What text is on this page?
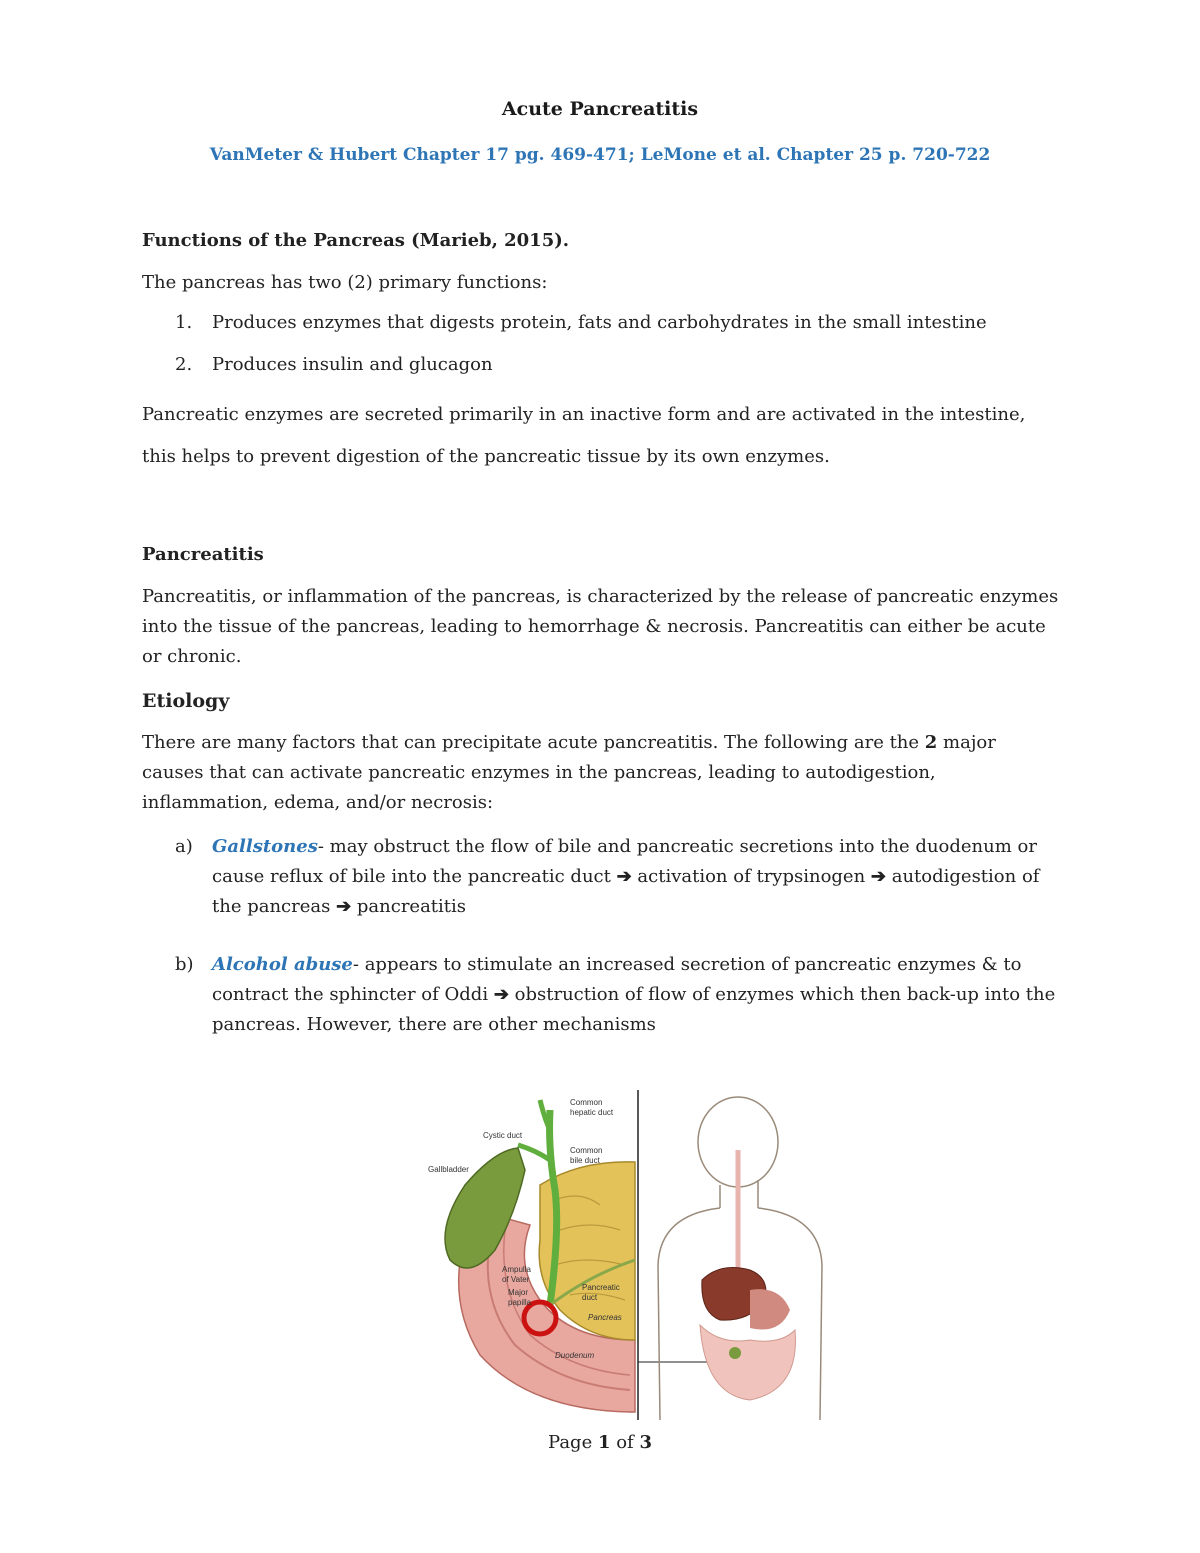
Acute Pancreatitis
VanMeter & Hubert Chapter 17 pg. 469-471; LeMone et al. Chapter 25 p. 720-722

Functions of the Pancreas (Marieb, 2015).

The pancreas has two (2) primary functions:

1. Produces enzymes that digests protein, fats and carbohydrates in the small intestine
2. Produces insulin and glucagon

Pancreatic enzymes are secreted primarily in an inactive form and are activated in the intestine, this helps to prevent digestion of the pancreatic tissue by its own enzymes.

Pancreatitis

Pancreatitis, or inflammation of the pancreas, is characterized by the release of pancreatic enzymes into the tissue of the pancreas, leading to hemorrhage & necrosis. Pancreatitis can either be acute or chronic.

Etiology

There are many factors that can precipitate acute pancreatitis. The following are the 2 major causes that can activate pancreatic enzymes in the pancreas, leading to autodigestion, inflammation, edema, and/or necrosis:

a) Gallstones- may obstruct the flow of bile and pancreatic secretions into the duodenum or cause reflux of bile into the pancreatic duct ➔ activation of trypsinogen ➔ autodigestion of the pancreas ➔ pancreatitis
b) Alcohol abuse- appears to stimulate an increased secretion of pancreatic enzymes & to contract the sphincter of Oddi ➔ obstruction of flow of enzymes which then back-up into the pancreas. However, there are other mechanisms
Common
hepatic duct
Cystic duct
Common
bile duct
Gallbladder
Ampulla
of Vater
Major
papilla
Pancreatic
duct
Pancreas
Duodenum
Page 1 of 3
